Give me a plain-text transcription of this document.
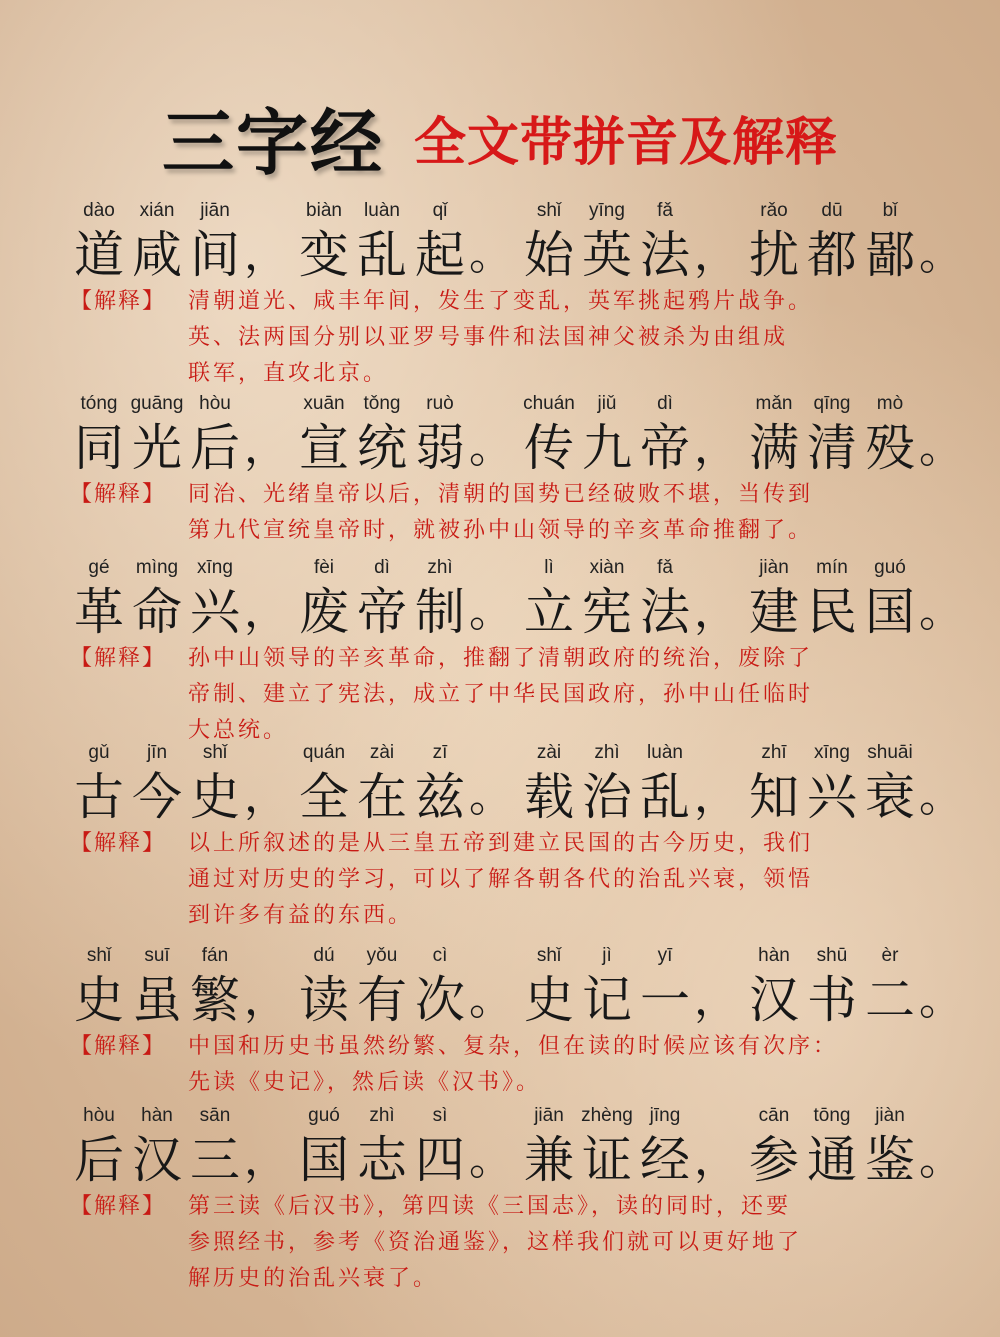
三字经 全文带拼音及解释
dào	xián	jiān
道 咸 间 ，
biàn	luàn	qǐ
变 乱 起 。
shǐ	yīng	fǎ
始 英 法 ，
rǎo	dū	bǐ
扰 都 鄙 。
【解释】 清朝道光、咸丰年间，发生了变乱，英军挑起鸦片战争。
英、法两国分别以亚罗号事件和法国神父被杀为由组成
联军，直攻北京。
tóng guāng hòu
同 光 后 ，
xuān tǒng	ruò
宣 统 弱 。
chuán	jiǔ	dì
传 九 帝 ，
mǎn	qīng	mò
满 清 殁 。
【解释】 同治、光绪皇帝以后，清朝的国势已经破败不堪，当传到
第九代宣统皇帝时，就被孙中山领导的辛亥革命推翻了。
gé	mìng xīng
革 命 兴 ，
fèi	dì	zhì
废 帝 制 。
lì	xiàn	fǎ
立 宪 法 ，
jiàn	mín	guó
建 民 国 。
【解释】 孙中山领导的辛亥革命，推翻了清朝政府的统治，废除了
帝制、建立了宪法，成立了中华民国政府，孙中山任临时
大总统。
gǔ	jīn	shǐ
古 今 史 ，
quán	zài	zī
全 在 兹 。
zài	zhì	luàn
载 治 乱 ，
zhī	xīng shuāi
知 兴 衰 。
【解释】 以上所叙述的是从三皇五帝到建立民国的古今历史，我们
通过对历史的学习，可以了解各朝各代的治乱兴衰，领悟
到许多有益的东西。
shǐ	suī	fán
史 虽 繁 ，
dú	yǒu	cì
读 有 次 。
shǐ	jì	yī
史 记 一 ，
hàn	shū	èr
汉 书 二 。
【解释】 中国和历史书虽然纷繁、复杂，但在读的时候应该有次序：
先读《史记》，然后读《汉书》。
hòu	hàn	sān
后 汉 三 ，
guó	zhì	sì
国 志 四 。
jiān zhèng jīng
兼 证 经 ，
cān	tōng	jiàn
参 通 鉴 。
【解释】 第三读《后汉书》，第四读《三国志》，读的同时，还要
参照经书，参考《资治通鉴》，这样我们就可以更好地了
解历史的治乱兴衰了。
